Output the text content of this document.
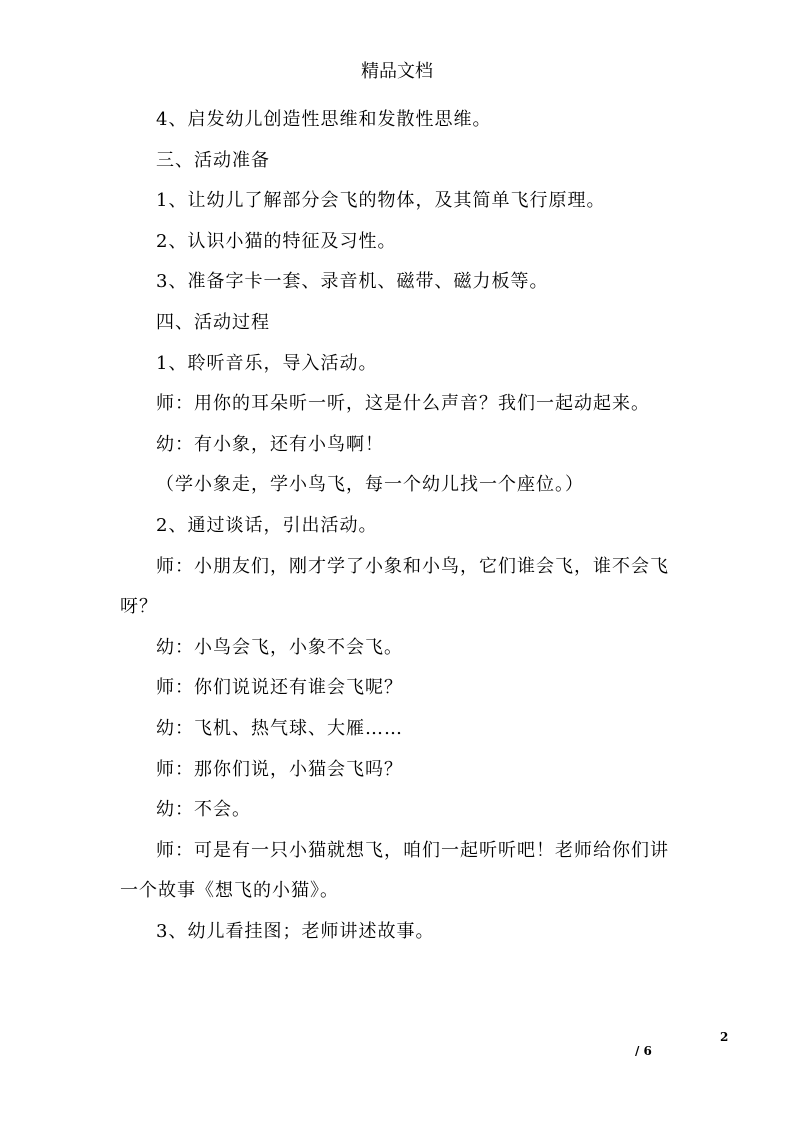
精品文档

4、启发幼儿创造性思维和发散性思维。

三、活动准备

1、让幼儿了解部分会飞的物体，及其简单飞行原理。

2、认识小猫的特征及习性。

3、准备字卡一套、录音机、磁带、磁力板等。

四、活动过程

1、聆听音乐，导入活动。

师：用你的耳朵听一听，这是什么声音？我们一起动起来。

幼：有小象，还有小鸟啊！

（学小象走，学小鸟飞，每一个幼儿找一个座位。）

2、通过谈话，引出活动。

师：小朋友们，刚才学了小象和小鸟，它们谁会飞，谁不会飞呀？

幼：小鸟会飞，小象不会飞。

师：你们说说还有谁会飞呢？

幼：飞机、热气球、大雁……

师：那你们说，小猫会飞吗？

幼：不会。

师：可是有一只小猫就想飞，咱们一起听听吧！老师给你们讲一个故事《想飞的小猫》。

3、幼儿看挂图；老师讲述故事。

2
/ 6
